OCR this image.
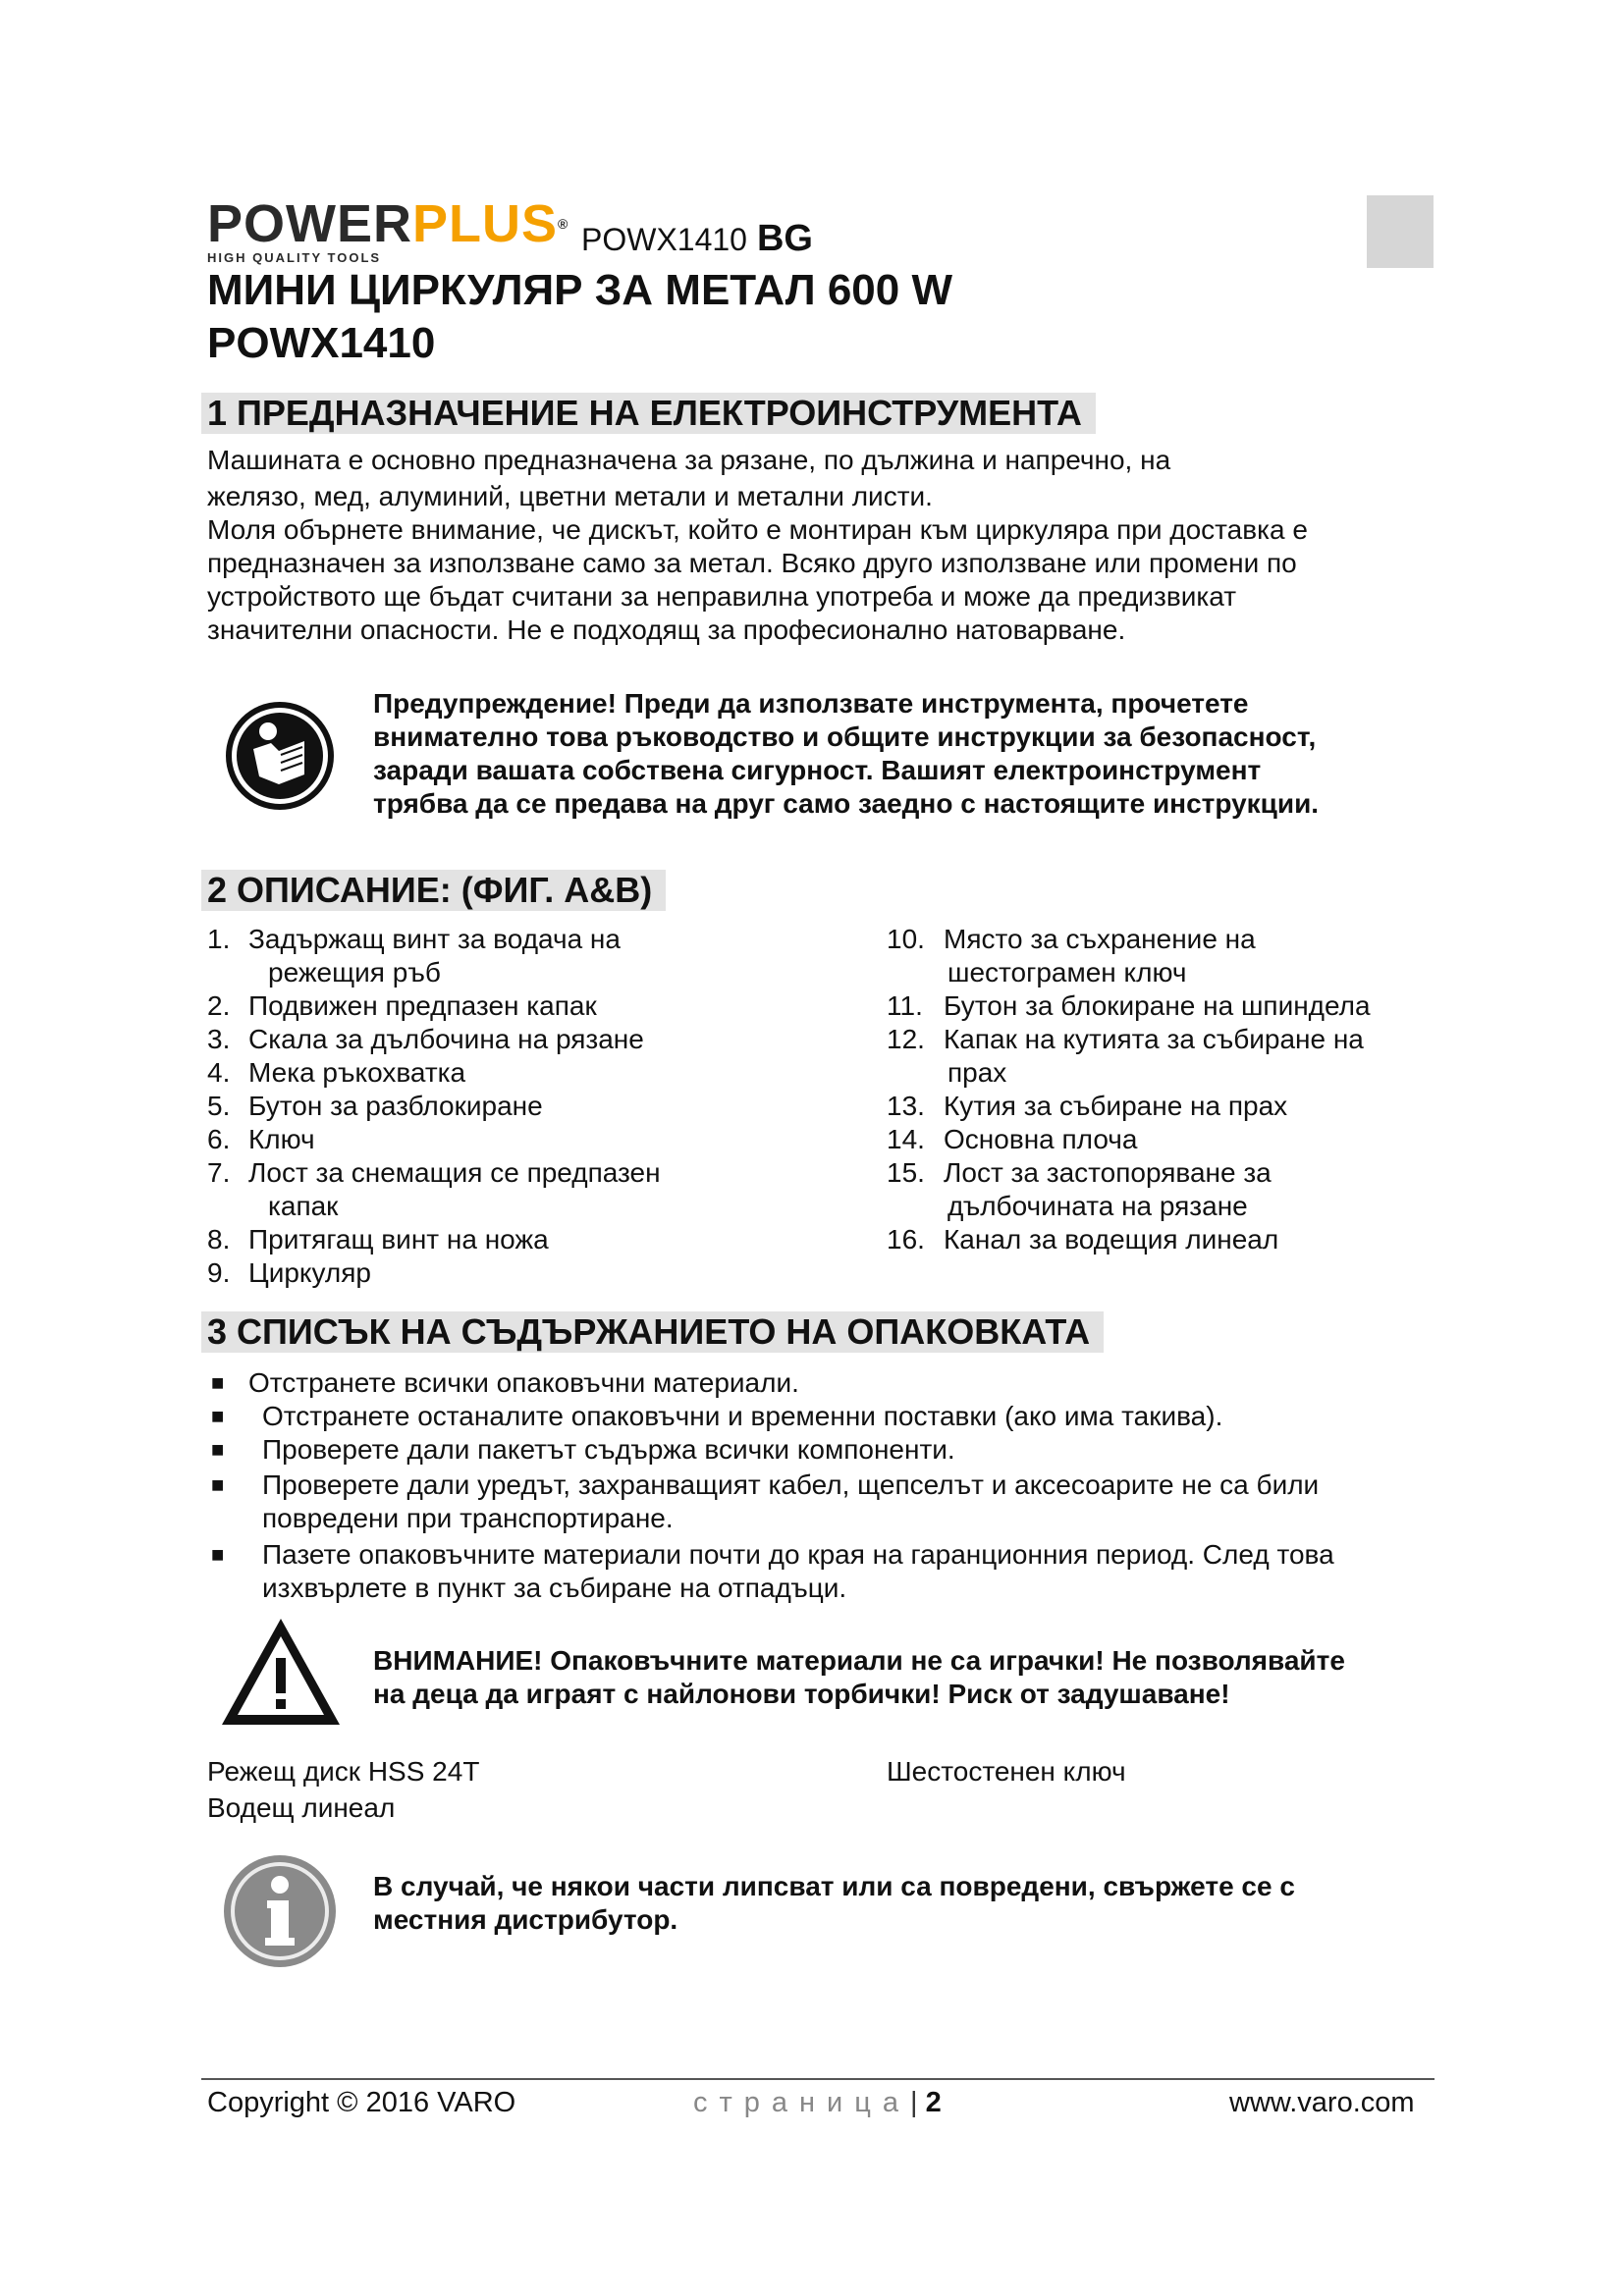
POWERPLUS®
HIGH QUALITY TOOLS
POWX1410 BG
МИНИ ЦИРКУЛЯР ЗА МЕТАЛ 600 W
POWX1410
1 ПРЕДНАЗНАЧЕНИЕ НА ЕЛЕКТРОИНСТРУМЕНТА

Машината е основно предназначена за рязане, по дължина и напречно, на

желязо, мед, алуминий, цветни метали и метални листи.

Моля обърнете внимание, че дискът, който е монтиран към циркуляра при доставка е

предназначен за използване само за метал. Всяко друго използване или промени по

устройството ще бъдат считани за неправилна употреба и може да предизвикат

значителни опасности. Не е подходящ за професионално натоварване.

Предупреждение! Преди да използвате инструмента, прочетете
внимателно това ръководство и общите инструкции за безопасност,
заради вашата собствена сигурност. Вашият електроинструмент
трябва да се предава на друг само заедно с настоящите инструкции.
2 ОПИСАНИЕ: (ФИГ. A&B)
1. Задържащ винт за водача на
режещия ръб
2. Подвижен предпазен капак
3. Скала за дълбочина на рязане
4. Мека ръкохватка
5. Бутон за разблокиране
6. Ключ
7. Лост за снемащия се предпазен
капак
8. Притягащ винт на ножа
9. Циркуляр
10. Място за съхранение на
шестограмен ключ
11. Бутон за блокиране на шпиндела
12. Капак на кутията за събиране на
прах
13. Кутия за събиране на прах
14. Основна плоча
15. Лост за застопоряване за
дълбочината на рязане
16. Канал за водещия линеал
3 СПИСЪК НА СЪДЪРЖАНИЕТО НА ОПАКОВКАТА
■ Отстранете всички опаковъчни материали.
■	Отстранете останалите опаковъчни и временни поставки (ако има такива).
■	Проверете дали пакетът съдържа всички компоненти.
■	Проверете дали уредът, захранващият кабел, щепселът и аксесоарите не са били
повредени при транспортиране.
■	Пазете опаковъчните материали почти до края на гаранционния период. След това
изхвърлете в пункт за събиране на отпадъци.
ВНИМАНИЕ! Опаковъчните материали не са играчки! Не позволявайте
на деца да играят с найлонови торбички! Риск от задушаване!
Режещ диск HSS 24T
Водещ линеал
Шестостенен ключ
В случай, че някои части липсват или са повредени, свържете се с
местния дистрибутор.
Copyright © 2016 VARO	страница| 2	www.varo.com
